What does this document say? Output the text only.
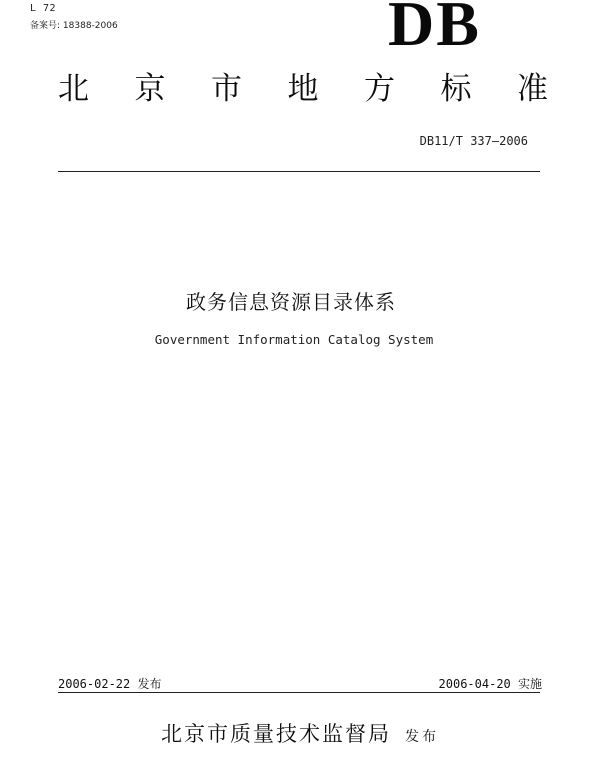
L 72
备案号: 18388-2006	DB
北 京 市 地 方 标 准
DB11/T 337—2006
政务信息资源目录体系
Government Information Catalog System
2006-02-22 发布	2006-04-20 实施
北京市质量技术监督局 发布
